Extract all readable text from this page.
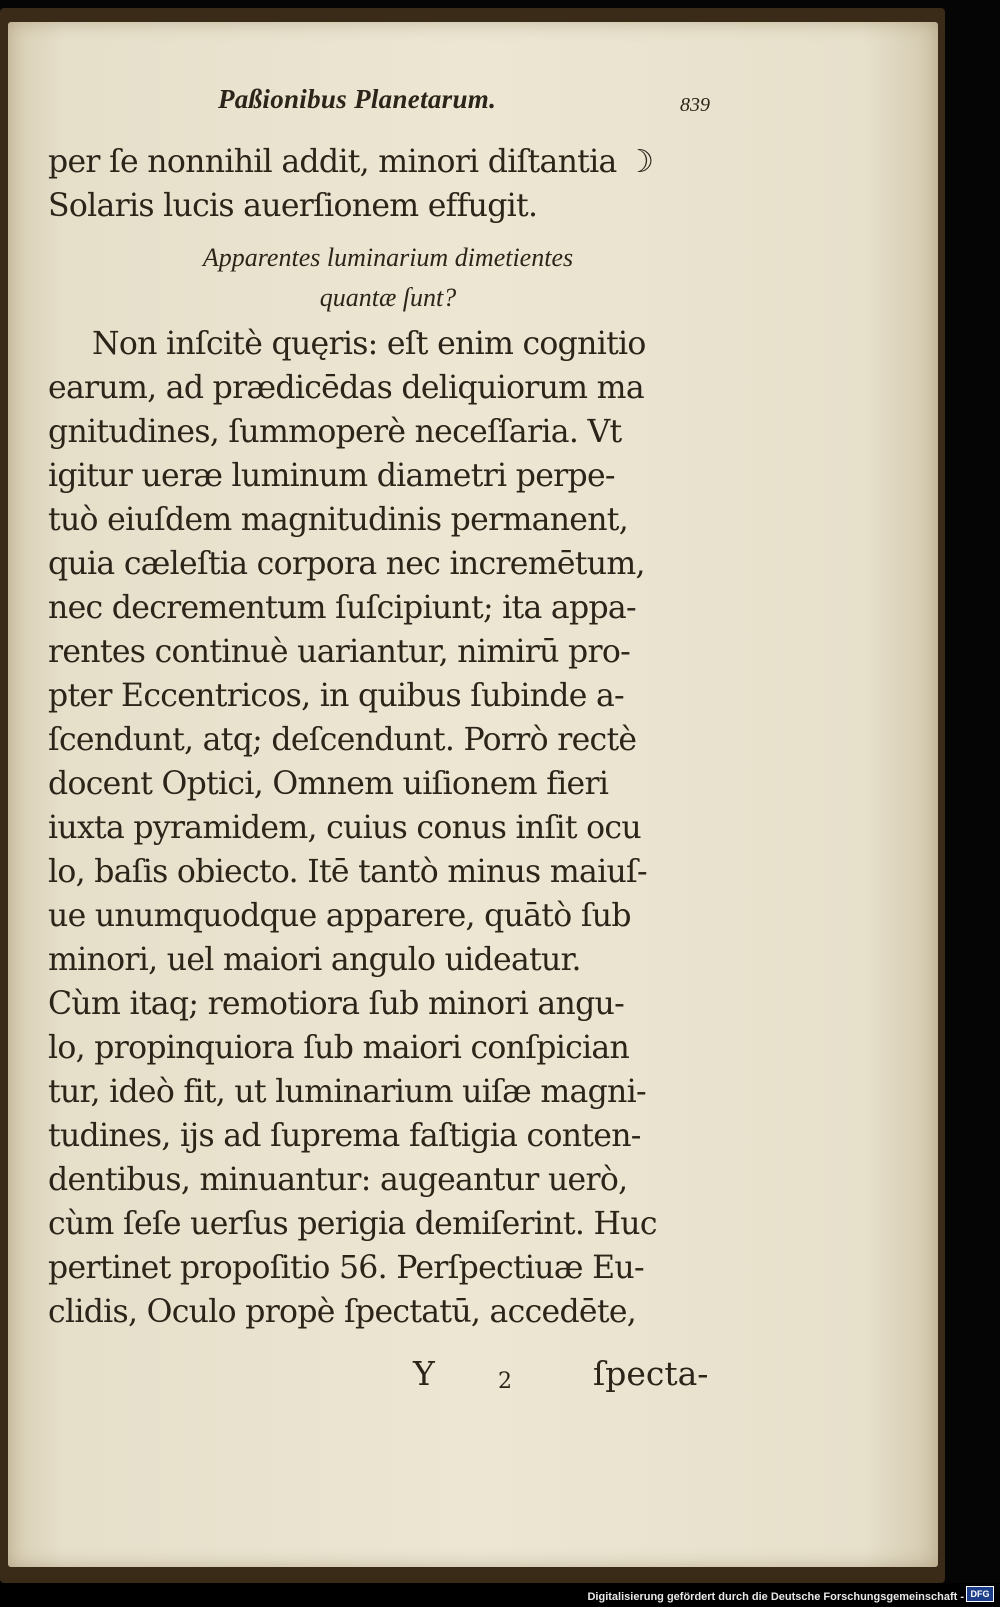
Paßionibus Planetarum.	839
per ſe nonnihil addit, minori diſtantia ☽
Solaris lucis auerſionem effugit.
Apparentes luminarium dimetientes
quantæ ſunt?
Non inſcitè quęris: eſt enim cognitio
earum, ad prædicēdas deliquiorum ma
gnitudines, ſummoperè neceſſaria. Vt
igitur ueræ luminum diametri perpe-
tuò eiuſdem magnitudinis permanent,
quia cæleſtia corpora nec incremētum,
nec decrementum ſuſcipiunt; ita appa-
rentes continuè uariantur, nimirū pro-
pter Eccentricos, in quibus ſubinde a-
ſcendunt, atq; deſcendunt. Porrò rectè
docent Optici, Omnem uiſionem fieri
iuxta pyramidem, cuius conus inſit ocu
lo, baſis obiecto. Itē tantò minus maiuſ-
ue unumquodque apparere, quātò ſub
minori, uel maiori angulo uideatur.
Cùm itaq; remotiora ſub minori angu-
lo, propinquiora ſub maiori conſpician
tur, ideò fit, ut luminarium uiſæ magni-
tudines, ijs ad ſuprema faſtigia conten-
dentibus, minuantur: augeantur uerò,
cùm ſeſe uerſus perigia demiſerint. Huc
pertinet propoſitio 56. Perſpectiuæ Eu-
clidis, Oculo propè ſpectatū, accedēte,
Y	2 ſpecta-
Digitalisierung gefördert durch die Deutsche Forschungsgemeinschaft - DFG
